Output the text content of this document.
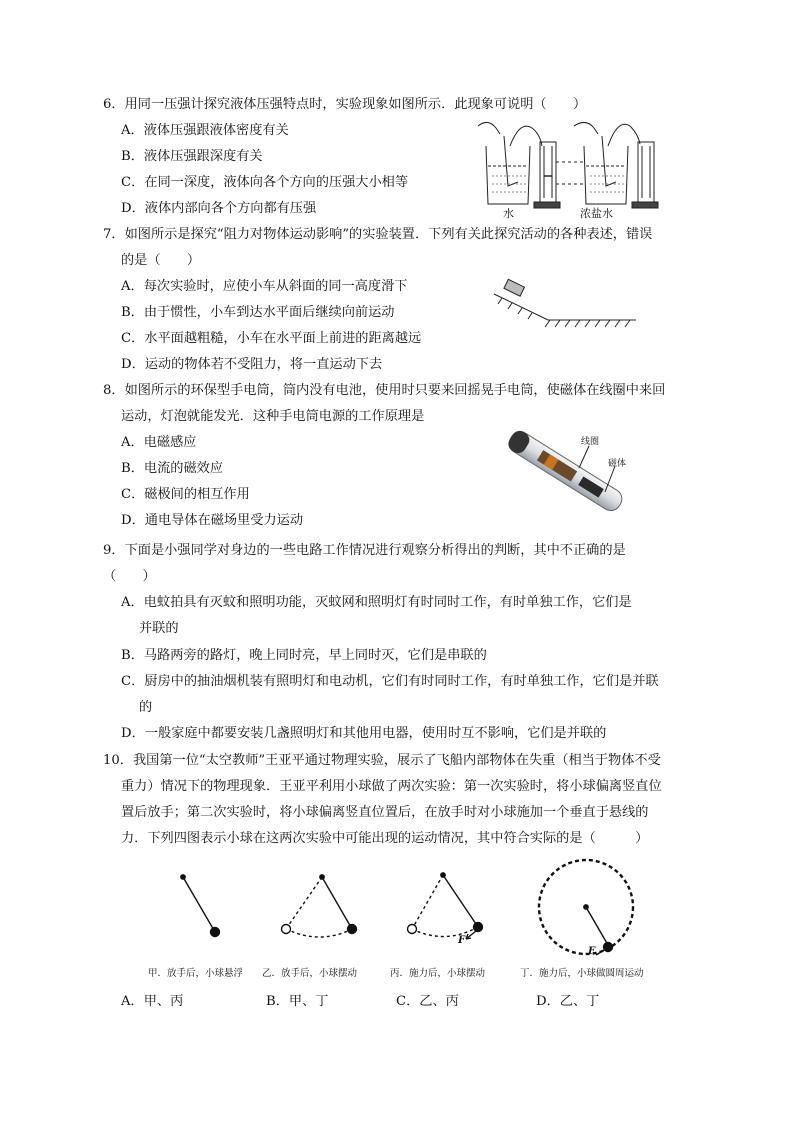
6．用同一压强计探究液体压强特点时，实验现象如图所示．此现象可说明（　　）
A．液体压强跟液体密度有关
B．液体压强跟深度有关
C．在同一深度，液体向各个方向的压强大小相等
D．液体内部向各个方向都有压强	水	浓盐水
7．如图所示是探究“阻力对物体运动影响”的实验装置．下列有关此探究活动的各种表述，错误
的是（　　）
A．每次实验时，应使小车从斜面的同一高度滑下
B．由于惯性，小车到达水平面后继续向前运动
C．水平面越粗糙，小车在水平面上前进的距离越远
D．运动的物体若不受阻力，将一直运动下去
8．如图所示的环保型手电筒，筒内没有电池，使用时只要来回摇晃手电筒，使磁体在线圈中来回
运动，灯泡就能发光．这种手电筒电源的工作原理是
A．电磁感应
B．电流的磁效应
C．磁极间的相互作用
D．通电导体在磁场里受力运动
线圈
磁体
9．下面是小强同学对身边的一些电路工作情况进行观察分析得出的判断，其中不正确的是
（　　）
A．电蚊拍具有灭蚊和照明功能，灭蚊网和照明灯有时同时工作，有时单独工作，它们是
并联的
B．马路两旁的路灯，晚上同时亮，早上同时灭，它们是串联的
C．厨房中的抽油烟机装有照明灯和电动机，它们有时同时工作，有时单独工作，它们是并联
的
D．一般家庭中都要安装几盏照明灯和其他用电器，使用时互不影响，它们是并联的
10．我国第一位“太空教师”王亚平通过物理实验，展示了飞船内部物体在失重（相当于物体不受
重力）情况下的物理现象．王亚平利用小球做了两次实验：第一次实验时，将小球偏离竖直位
置后放手；第二次实验时，将小球偏离竖直位置后，在放手时对小球施加一个垂直于悬线的
力．下列四图表示小球在这两次实验中可能出现的运动情况，其中符合实际的是（　　　）
F
F
甲．放手后，小球悬浮 乙．放手后，小球摆动	丙．施力后，小球摆动	丁．施力后，小球做圆周运动
A．甲、丙	B．甲、丁	C．乙、丙	D．乙、丁
